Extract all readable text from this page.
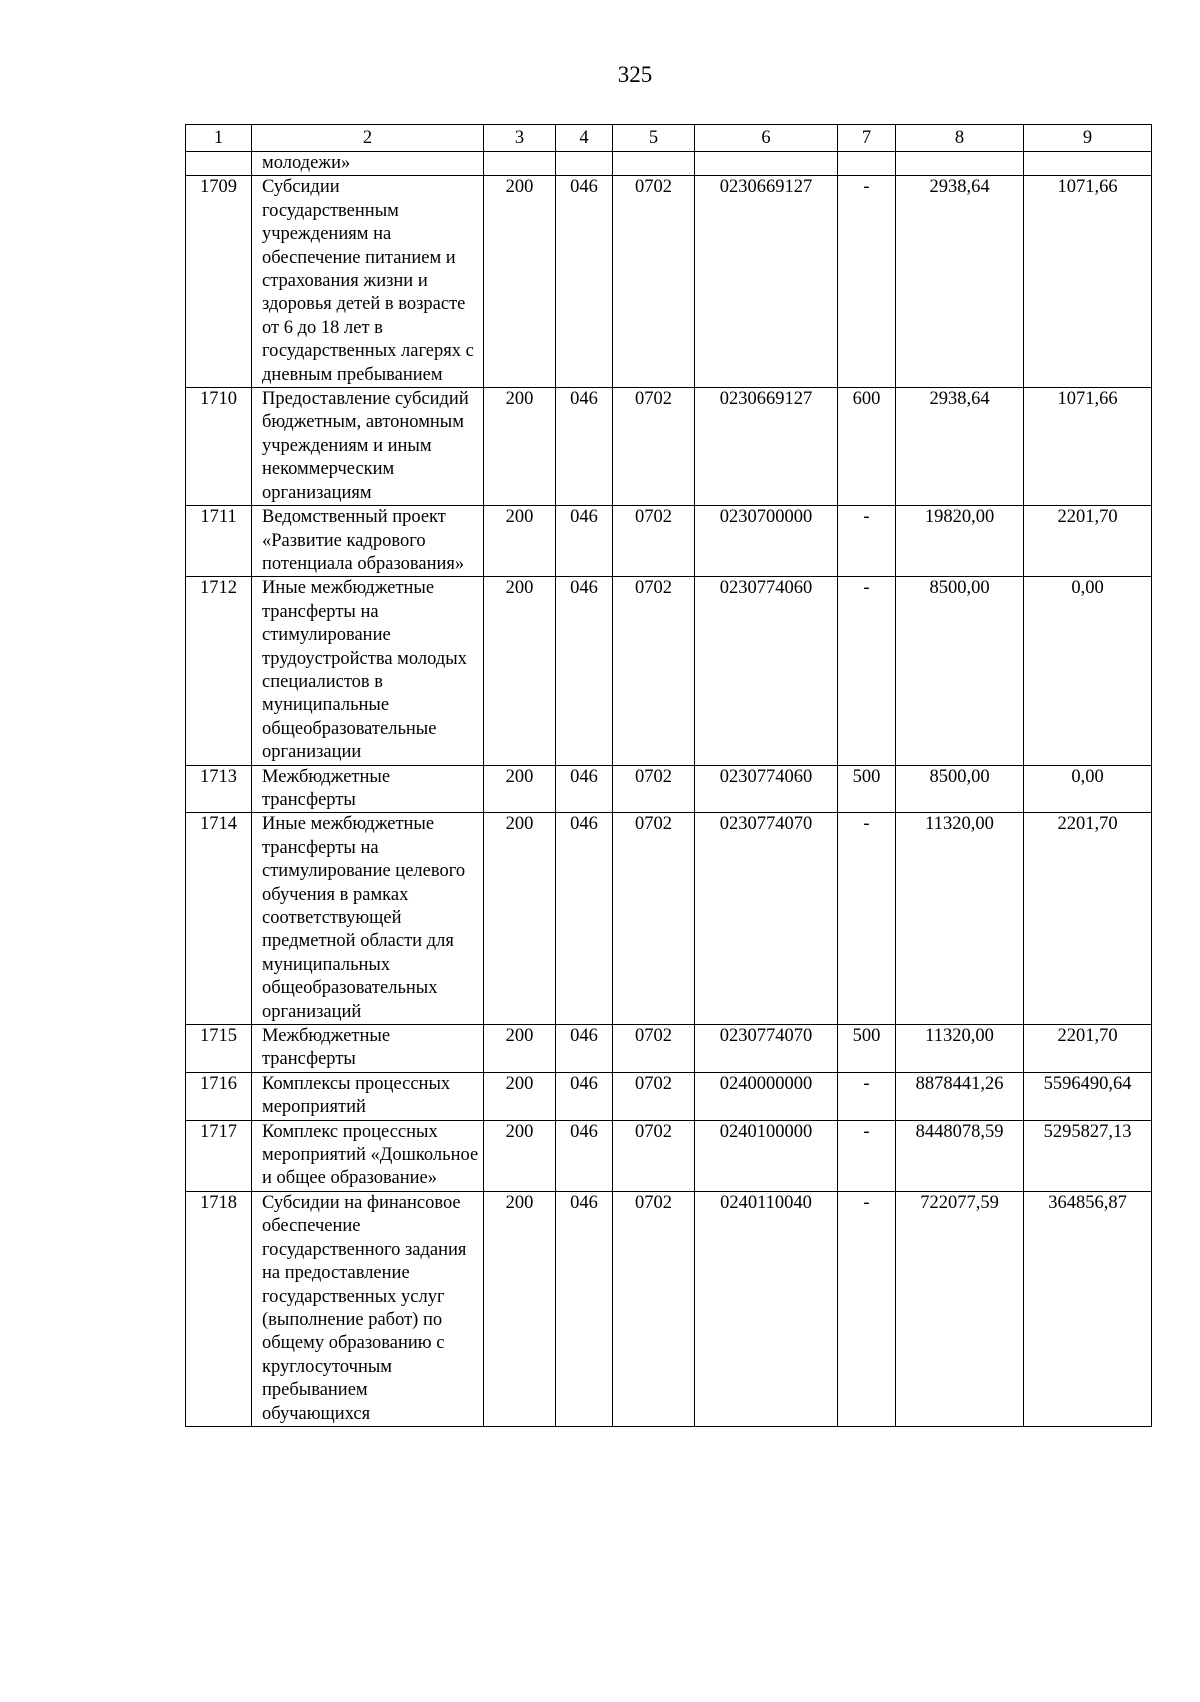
325
1	2	3	4	5	6	7	8	9
	молодежи»							
1709	Субсидии государственным учреждениям на обеспечение питанием и страхования жизни и здоровья детей в возрасте от 6 до 18 лет в государственных лагерях с дневным пребыванием	200	046	0702	0230669127	-	2938,64	1071,66
1710	Предоставление субсидий бюджетным, автономным учреждениям и иным некоммерческим организациям	200	046	0702	0230669127	600	2938,64	1071,66
1711	Ведомственный проект «Развитие кадрового потенциала образования»	200	046	0702	0230700000	-	19820,00	2201,70
1712	Иные межбюджетные трансферты на стимулирование трудоустройства молодых специалистов в муниципальные общеобразовательные организации	200	046	0702	0230774060	-	8500,00	0,00
1713	Межбюджетные трансферты	200	046	0702	0230774060	500	8500,00	0,00
1714	Иные межбюджетные трансферты на стимулирование целевого обучения в рамках соответствующей предметной области для муниципальных общеобразовательных организаций	200	046	0702	0230774070	-	11320,00	2201,70
1715	Межбюджетные трансферты	200	046	0702	0230774070	500	11320,00	2201,70
1716	Комплексы процессных мероприятий	200	046	0702	0240000000	-	8878441,26	5596490,64
1717	Комплекс процессных мероприятий «Дошкольное и общее образование»	200	046	0702	0240100000	-	8448078,59	5295827,13
1718	Субсидии на финансовое обеспечение государственного задания на предоставление государственных услуг (выполнение работ) по общему образованию с круглосуточным пребыванием обучающихся	200	046	0702	0240110040	-	722077,59	364856,87
